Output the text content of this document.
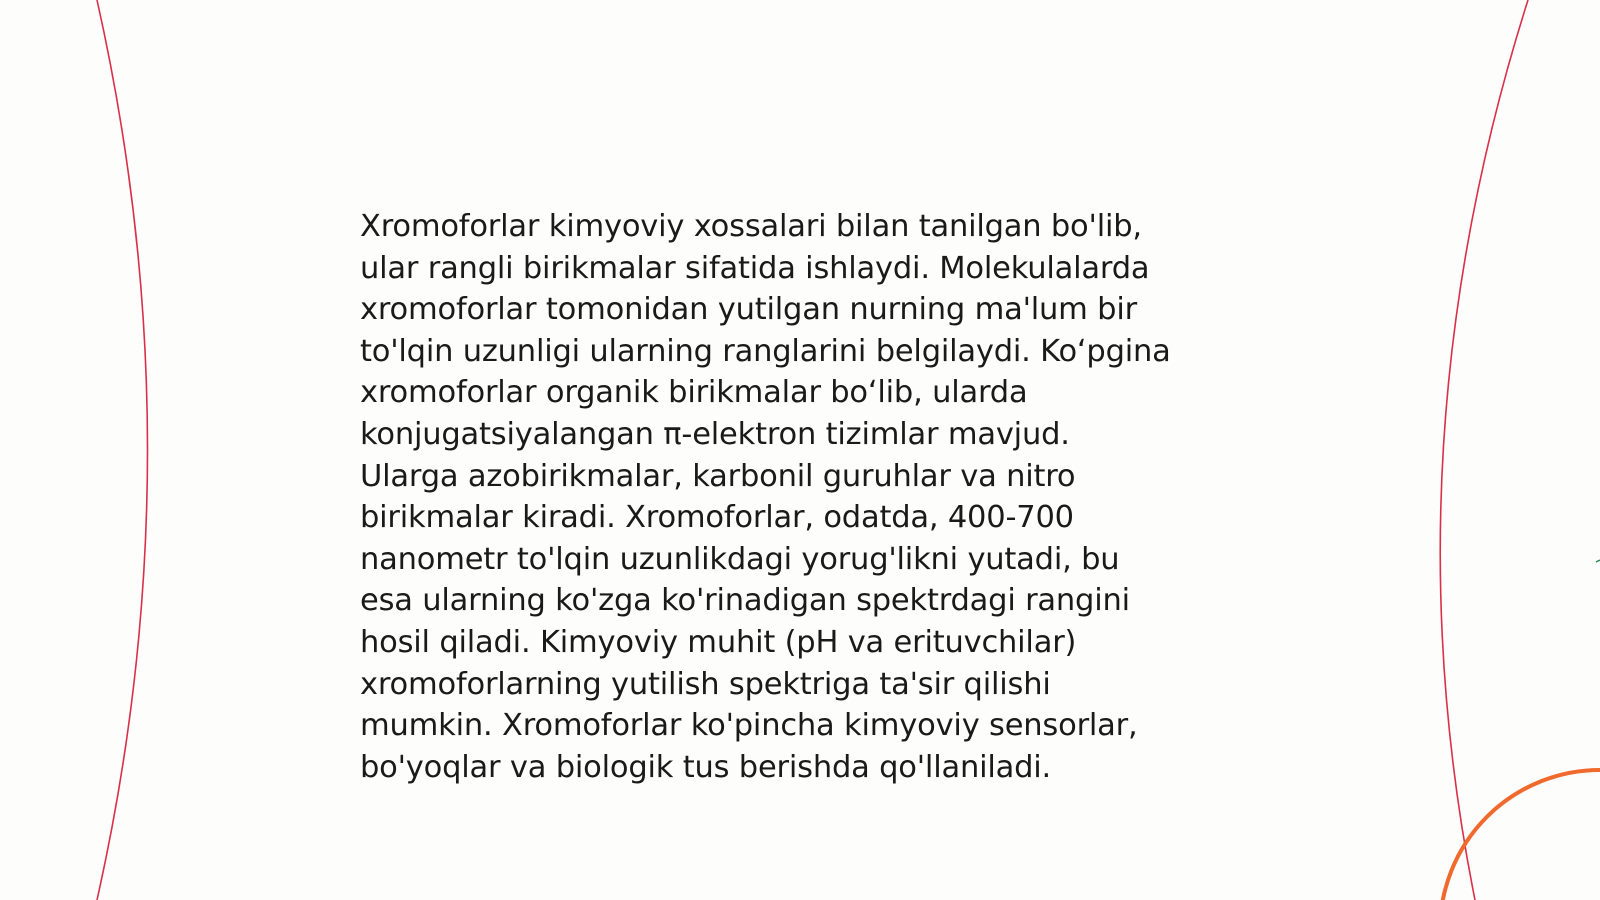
Xromoforlar kimyoviy xossalari bilan tanilgan bo'lib,
ular rangli birikmalar sifatida ishlaydi. Molekulalarda
xromoforlar tomonidan yutilgan nurning ma'lum bir
to'lqin uzunligi ularning ranglarini belgilaydi. Koʻpgina
xromoforlar organik birikmalar boʻlib, ularda
konjugatsiyalangan π-elektron tizimlar mavjud.
Ularga azobirikmalar, karbonil guruhlar va nitro
birikmalar kiradi. Xromoforlar, odatda, 400-700
nanometr to'lqin uzunlikdagi yorug'likni yutadi, bu
esa ularning ko'zga ko'rinadigan spektrdagi rangini
hosil qiladi. Kimyoviy muhit (pH va erituvchilar)
xromoforlarning yutilish spektriga ta'sir qilishi
mumkin. Xromoforlar ko'pincha kimyoviy sensorlar,
bo'yoqlar va biologik tus berishda qo'llaniladi.
